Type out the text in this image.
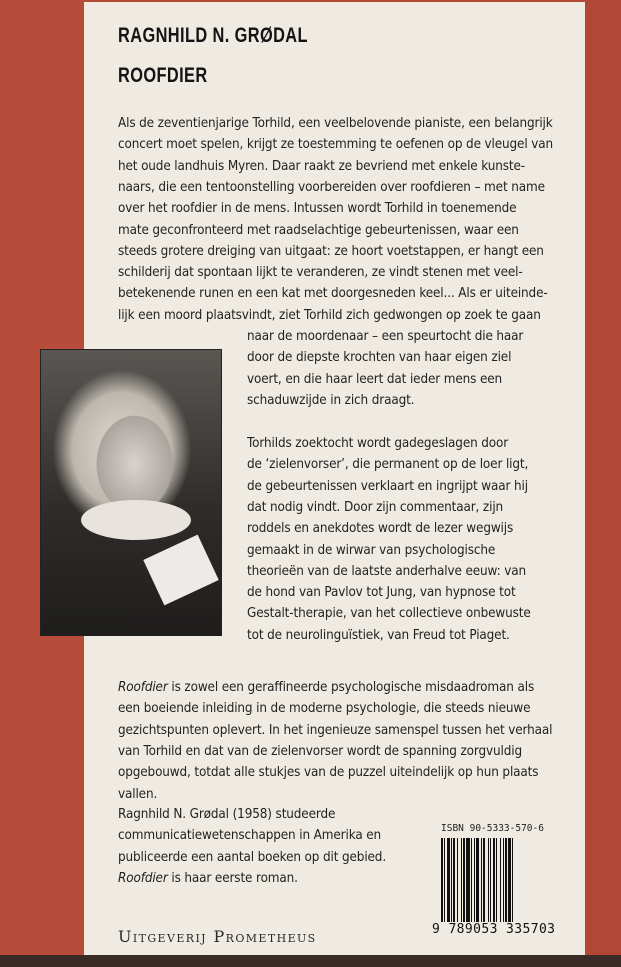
RAGNHILD N. GRØDAL
ROOFDIER
Als de zeventienjarige Torhild, een veelbelovende pianiste, een belangrijk
concert moet spelen, krijgt ze toestemming te oefenen op de vleugel van
het oude landhuis Myren. Daar raakt ze bevriend met enkele kunste-
naars, die een tentoonstelling voorbereiden over roofdieren – met name
over het roofdier in de mens. Intussen wordt Torhild in toenemende
mate geconfronteerd met raadselachtige gebeurtenissen, waar een
steeds grotere dreiging van uitgaat: ze hoort voetstappen, er hangt een
schilderij dat spontaan lijkt te veranderen, ze vindt stenen met veel-
betekenende runen en een kat met doorgesneden keel... Als er uiteinde-
lijk een moord plaatsvindt, ziet Torhild zich gedwongen op zoek te gaan
naar de moordenaar – een speurtocht die haar
door de diepste krochten van haar eigen ziel
voert, en die haar leert dat ieder mens een
schaduwzijde in zich draagt.
Torhilds zoektocht wordt gadegeslagen door
de ‘zielenvorser’, die permanent op de loer ligt,
de gebeurtenissen verklaart en ingrijpt waar hij
dat nodig vindt. Door zijn commentaar, zijn
roddels en anekdotes wordt de lezer wegwijs
gemaakt in de wirwar van psychologische
theorieën van de laatste anderhalve eeuw: van
de hond van Pavlov tot Jung, van hypnose tot
Gestalt-therapie, van het collectieve onbewuste
tot de neurolinguïstiek, van Freud tot Piaget.
Roofdier is zowel een geraffineerde psychologische misdaadroman als
een boeiende inleiding in de moderne psychologie, die steeds nieuwe
gezichtspunten oplevert. In het ingenieuze samenspel tussen het verhaal
van Torhild en dat van de zielenvorser wordt de spanning zorgvuldig
opgebouwd, totdat alle stukjes van de puzzel uiteindelijk op hun plaats
vallen.
Ragnhild N. Grødal (1958) studeerde
communicatiewetenschappen in Amerika en
publiceerde een aantal boeken op dit gebied.
Roofdier is haar eerste roman.
Uitgeverij Prometheus
ISBN 90-5333-570-6
9 789053 335703
